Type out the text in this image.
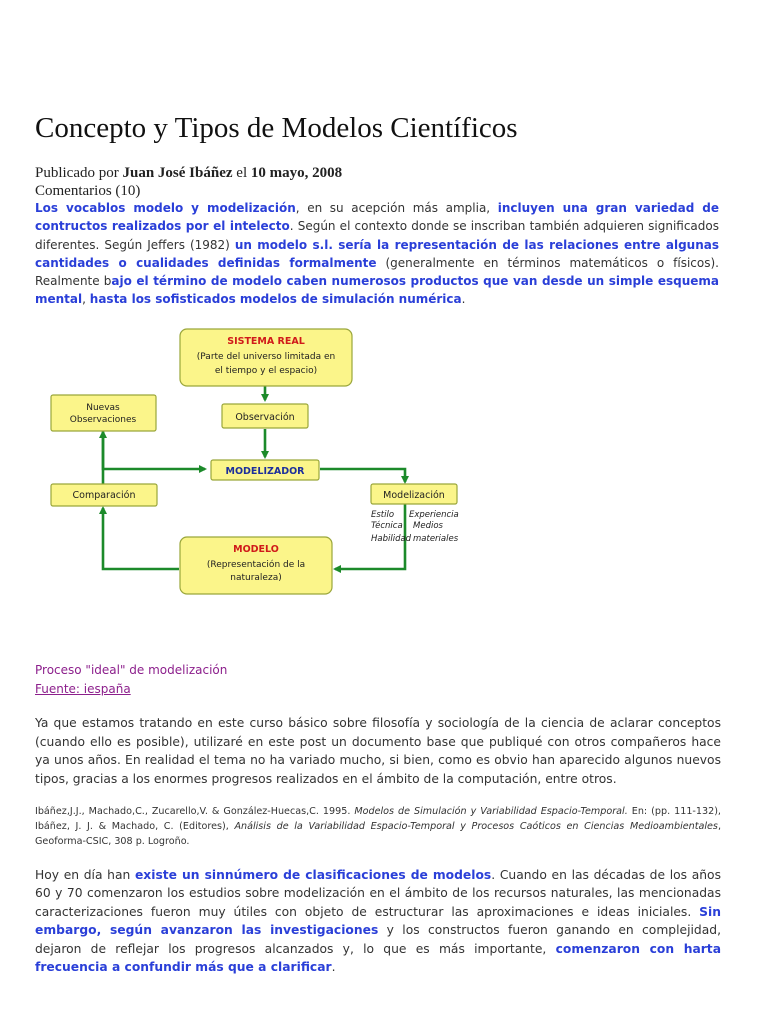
Concepto y Tipos de Modelos Científicos
Publicado por Juan José Ibáñez el 10 mayo, 2008
Comentarios (10)
Los vocablos modelo y modelización, en su acepción más amplia, incluyen una gran variedad de contructos realizados por el intelecto. Según el contexto donde se inscriban también adquieren significados diferentes. Según Jeffers (1982) un modelo s.l. sería la representación de las relaciones entre algunas cantidades o cualidades definidas formalmente (generalmente en términos matemáticos o físicos). Realmente bajo el término de modelo caben numerosos productos que van desde un simple esquema mental, hasta los sofisticados modelos de simulación numérica.
SISTEMA REAL
(Parte del universo limitada en
el tiempo y el espacio)
Nuevas
Observaciones	Observación
MODELIZADOR
Comparación	Modelización
Estilo
Técnica
Habilidad
Experiencia
Medios
materiales
MODELO
(Representación de la
naturaleza)
Proceso "ideal" de modelización
Fuente: iespaña
Ya que estamos tratando en este curso básico sobre filosofía y sociología de la ciencia de aclarar conceptos (cuando ello es posible), utilizaré en este post un documento base que publiqué con otros compañeros hace ya unos años. En realidad el tema no ha variado mucho, si bien, como es obvio han aparecido algunos nuevos tipos, gracias a los enormes progresos realizados en el ámbito de la computación, entre otros.
Ibáñez,J.J., Machado,C., Zucarello,V. & González-Huecas,C. 1995. Modelos de Simulación y Variabilidad Espacio-Temporal. En: (pp. 111-132), Ibáñez, J. J. & Machado, C. (Editores), Análisis de la Variabilidad Espacio-Temporal y Procesos Caóticos en Ciencias Medioambientales, Geoforma-CSIC, 308 p. Logroño.
Hoy en día han existe un sinnúmero de clasificaciones de modelos. Cuando en las décadas de los años 60 y 70 comenzaron los estudios sobre modelización en el ámbito de los recursos naturales, las mencionadas caracterizaciones fueron muy útiles con objeto de estructurar las aproximaciones e ideas iniciales. Sin embargo, según avanzaron las investigaciones y los constructos fueron ganando en complejidad, dejaron de reflejar los progresos alcanzados y, lo que es más importante, comenzaron con harta frecuencia a confundir más que a clarificar.
